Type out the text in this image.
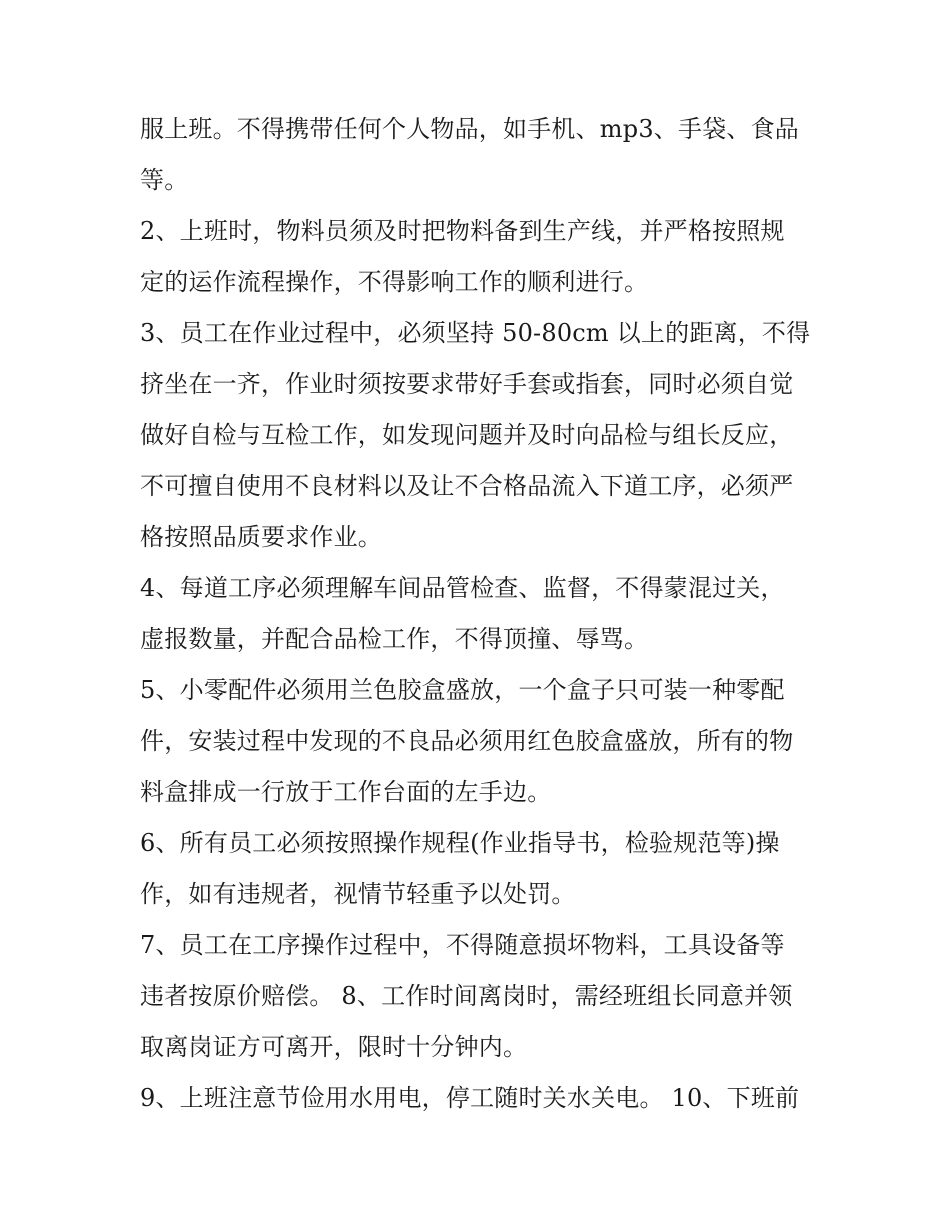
服上班。不得携带任何个人物品，如手机、mp3、手袋、食品
等。
2、上班时，物料员须及时把物料备到生产线，并严格按照规
定的运作流程操作，不得影响工作的顺利进行。
3、员工在作业过程中，必须坚持 50-80cm 以上的距离，不得
挤坐在一齐，作业时须按要求带好手套或指套，同时必须自觉
做好自检与互检工作，如发现问题并及时向品检与组长反应，
不可擅自使用不良材料以及让不合格品流入下道工序，必须严
格按照品质要求作业。
4、每道工序必须理解车间品管检查、监督，不得蒙混过关，
虚报数量，并配合品检工作，不得顶撞、辱骂。
5、小零配件必须用兰色胶盒盛放，一个盒子只可装一种零配
件，安装过程中发现的不良品必须用红色胶盒盛放，所有的物
料盒排成一行放于工作台面的左手边。
6、所有员工必须按照操作规程(作业指导书，检验规范等)操
作，如有违规者，视情节轻重予以处罚。
7、员工在工序操作过程中，不得随意损坏物料，工具设备等
违者按原价赔偿。 8、工作时间离岗时，需经班组长同意并领
取离岗证方可离开，限时十分钟内。
9、上班注意节俭用水用电，停工随时关水关电。 10、下班前
